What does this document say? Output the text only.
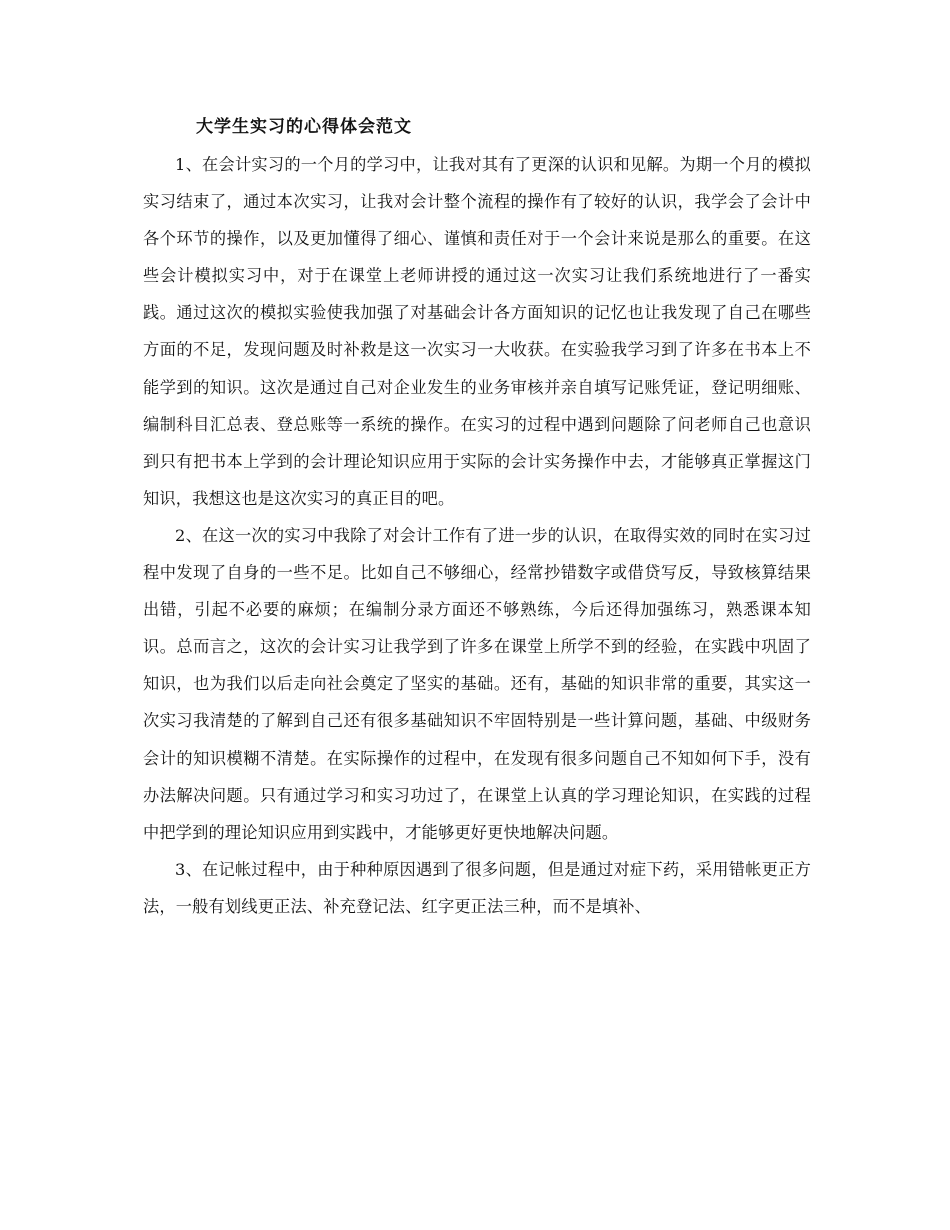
大学生实习的心得体会范文

1、在会计实习的一个月的学习中，让我对其有了更深的认识和见解。为期一个月的模拟实习结束了，通过本次实习，让我对会计整个流程的操作有了较好的认识，我学会了会计中各个环节的操作，以及更加懂得了细心、谨慎和责任对于一个会计来说是那么的重要。在这些会计模拟实习中，对于在课堂上老师讲授的通过这一次实习让我们系统地进行了一番实践。通过这次的模拟实验使我加强了对基础会计各方面知识的记忆也让我发现了自己在哪些方面的不足，发现问题及时补救是这一次实习一大收获。在实验我学习到了许多在书本上不能学到的知识。这次是通过自己对企业发生的业务审核并亲自填写记账凭证，登记明细账、编制科目汇总表、登总账等一系统的操作。在实习的过程中遇到问题除了问老师自己也意识到只有把书本上学到的会计理论知识应用于实际的会计实务操作中去，才能够真正掌握这门知识，我想这也是这次实习的真正目的吧。

2、在这一次的实习中我除了对会计工作有了进一步的认识，在取得实效的同时在实习过程中发现了自身的一些不足。比如自己不够细心，经常抄错数字或借贷写反，导致核算结果出错，引起不必要的麻烦；在编制分录方面还不够熟练，今后还得加强练习，熟悉课本知识。总而言之，这次的会计实习让我学到了许多在课堂上所学不到的经验，在实践中巩固了知识，也为我们以后走向社会奠定了坚实的基础。还有，基础的知识非常的重要，其实这一次实习我清楚的了解到自己还有很多基础知识不牢固特别是一些计算问题，基础、中级财务会计的知识模糊不清楚。在实际操作的过程中，在发现有很多问题自己不知如何下手，没有办法解决问题。只有通过学习和实习功过了，在课堂上认真的学习理论知识，在实践的过程中把学到的理论知识应用到实践中，才能够更好更快地解决问题。

3、在记帐过程中，由于种种原因遇到了很多问题，但是通过对症下药，采用错帐更正方法，一般有划线更正法、补充登记法、红字更正法三种，而不是填补、
